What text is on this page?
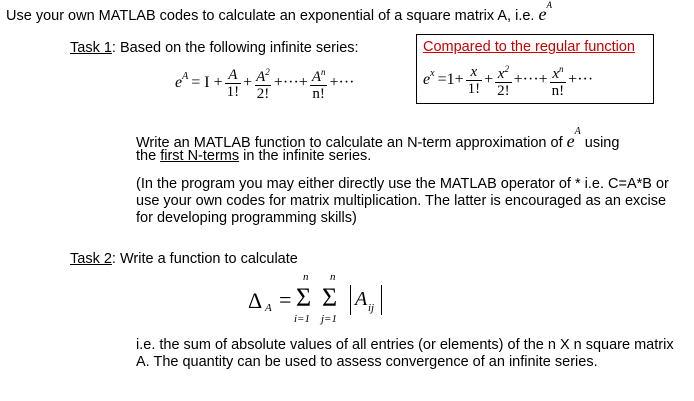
Use your own MATLAB codes to calculate an exponential of a square matrix A, i.e. $e^A$
Task 1: Based on the following infinite series:	Compared to the regular function
$e^x =1+ \frac{x}{1!} + \frac{x^2}{2!}$ +···+ $\frac{x^n}{n!}$ +···
$e^A = I + \frac{A}{1!} + \frac{A^2}{2!}$ +···+ $\frac{A^n}{n!}$ +···
Write an MATLAB function to calculate an N-term approximation of $e^A$ using
the first N-terms in the infinite series.
(In the program you may either directly use the MATLAB operator of * i.e. C=A*B or use your own codes for matrix multiplication. The latter is encouraged as an excise for developing programming skills)
Task 2: Write a function to calculate
Δ A =
n
Σ
i=1
n
Σ
j=1
A ij
i.e. the sum of absolute values of all entries (or elements) of the n X n square matrix A. The quantity can be used to assess convergence of an infinite series.
